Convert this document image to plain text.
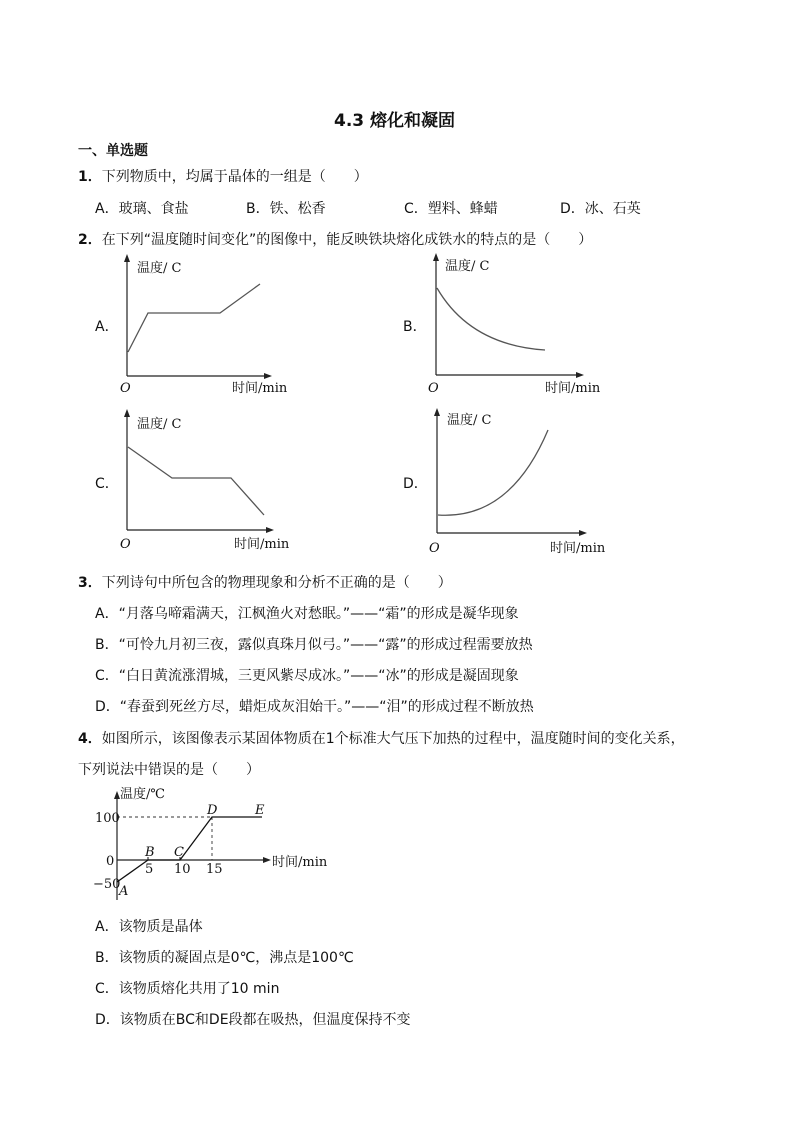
4.3 熔化和凝固
一、单选题
1．下列物质中，均属于晶体的一组是（　　）
A．玻璃、食盐	B．铁、松香	C．塑料、蜂蜡	D．冰、石英
2．在下列“温度随时间变化”的图像中，能反映铁块熔化成铁水的特点的是（　　）
A．
温度/ C
时间/min
O
B．
温度/ C
时间/min
O
C．
温度/ C
时间/min
O
D．
温度/ C
时间/min
O
3．下列诗句中所包含的物理现象和分析不正确的是（　　）
A．“月落乌啼霜满天，江枫渔火对愁眠。”——“霜”的形成是凝华现象
B．“可怜九月初三夜，露似真珠月似弓。”——“露”的形成过程需要放热
C．“白日黄流涨渭城，三更风紫尽成冰。”——“冰”的形成是凝固现象
D．“春蚕到死丝方尽，蜡炬成灰泪始干。”——“泪”的形成过程不断放热
4．如图所示，该图像表示某固体物质在1个标准大气压下加热的过程中，温度随时间的变化关系，
下列说法中错误的是（　　）
温度/℃
时间/min
100
0
−50
5 10 15
A
B C
D	E
A．该物质是晶体
B．该物质的凝固点是0℃，沸点是100℃
C．该物质熔化共用了10 min
D．该物质在BC和DE段都在吸热，但温度保持不变
